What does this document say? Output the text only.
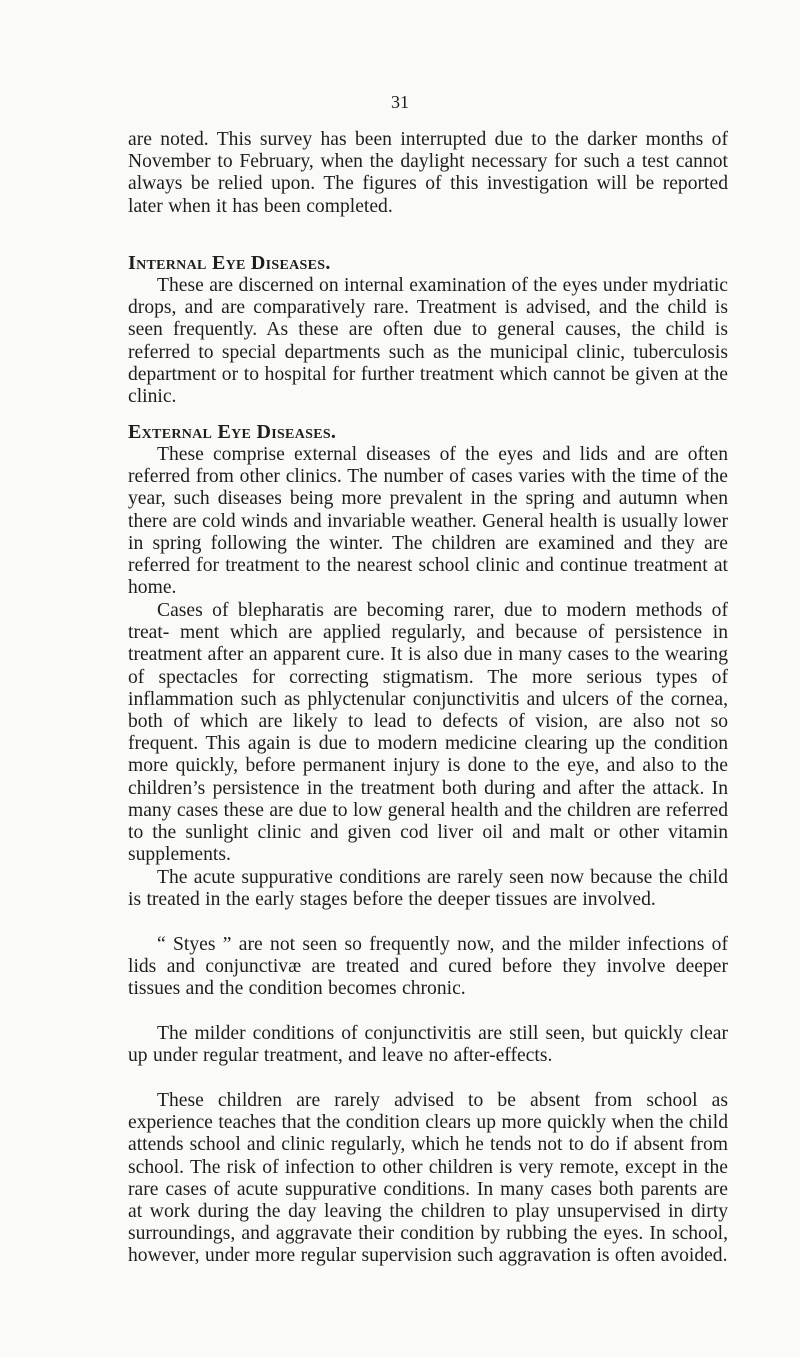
31

are noted. This survey has been interrupted due to the darker months of November to February, when the daylight necessary for such a test cannot always be relied upon. The figures of this investigation will be reported later when it has been completed.

Internal Eye Diseases.

These are discerned on internal examination of the eyes under mydriatic drops, and are comparatively rare. Treatment is advised, and the child is seen frequently. As these are often due to general causes, the child is referred to special departments such as the municipal clinic, tuberculosis department or to hospital for further treatment which cannot be given at the clinic.

External Eye Diseases.

These comprise external diseases of the eyes and lids and are often referred from other clinics. The number of cases varies with the time of the year, such diseases being more prevalent in the spring and autumn when there are cold winds and invariable weather. General health is usually lower in spring following the winter. The children are examined and they are referred for treatment to the nearest school clinic and continue treatment at home.

Cases of blepharatis are becoming rarer, due to modern methods of treat- ment which are applied regularly, and because of persistence in treatment after an apparent cure. It is also due in many cases to the wearing of spectacles for correcting stigmatism. The more serious types of inflammation such as phlyctenular conjunctivitis and ulcers of the cornea, both of which are likely to lead to defects of vision, are also not so frequent. This again is due to modern medicine clearing up the condition more quickly, before permanent injury is done to the eye, and also to the children’s persistence in the treatment both during and after the attack. In many cases these are due to low general health and the children are referred to the sunlight clinic and given cod liver oil and malt or other vitamin supplements.

The acute suppurative conditions are rarely seen now because the child is treated in the early stages before the deeper tissues are involved.

“ Styes ” are not seen so frequently now, and the milder infections of lids and conjunctivæ are treated and cured before they involve deeper tissues and the condition becomes chronic.

The milder conditions of conjunctivitis are still seen, but quickly clear up under regular treatment, and leave no after-effects.

These children are rarely advised to be absent from school as experience teaches that the condition clears up more quickly when the child attends school and clinic regularly, which he tends not to do if absent from school. The risk of infection to other children is very remote, except in the rare cases of acute suppurative conditions. In many cases both parents are at work during the day leaving the children to play unsupervised in dirty surroundings, and aggravate their condition by rubbing the eyes. In school, however, under more regular supervision such aggravation is often avoided.
